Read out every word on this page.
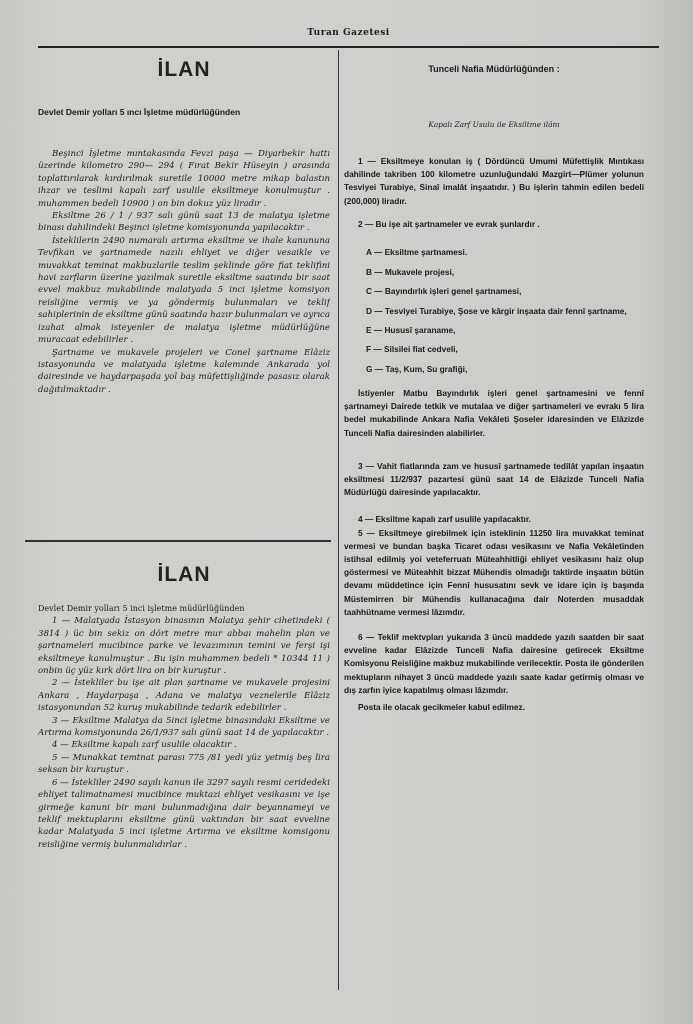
Turan Gazetesi
İLAN
Devlet Demir yolları 5 ıncı İşletme müdürlüğünden

Beşinci İşletme mıntakasında Fevzi paşa — Diyarbekir hattı üzerinde kilometro 290— 294 ( Fırat Bekir Hüseyin ) arasında toplattırılarak kırdırılmak suretile 10000 metre mikap balastın ihzar ve teslimi kapalı zarf usulile eksiltmeye konulmuştur . muhammen bedeli 10900 ) on bin dokuz yüz liradır .

Eksiltme 26 / 1 / 937 salı günü saat 13 de malatya işletme binası dahilindeki Beşinci işletme komisyonunda yapılacaktır .

İsteklilerin 2490 numaralı artırma eksiltme ve ihale kanununa Tevfikan ve şartnamede nazılı ehliyet ve diğer vesaikle ve muvakkat teminat makbuzlarile teslim şeklinde göre fiat teklifini havi zarfların üzerine yazılmak suretile eksiltme saatında bir saat evvel makbuz mukabilinde malatyada 5 inci işletme komsiyon reisliğine vermiş ve ya göndermiş bulunmaları ve teklif sahiplerinin de eksiltme günü saatında hazır bulunmaları ve ayrıca izahat almak isteyenler de malatya işletme müdürlüğüne muracaat edebilirler .

Şartname ve mukavele projeleri ve Conel şartname Elâziz istasyonunda ve malatyada işletme kalemınde Ankarada yol dairesinde ve haydarpaşada yol baş müfettişliğinde pasasız olarak dağıtılmaktadır .

İLAN
Devlet Demir yolları 5 inci işletme müdürlüğünden

1 — Malatyada İstasyon binasının Malatya şehir cihetindeki ( 3814 ) üc bin sekiz on dört metre mur abbaı mahelin plan ve şartnameleri mucibince parke ve levazımının temini ve ferşi işi eksiltmeye kanulmuştur . Bu işin muhammen bedeli * 10344 11 ) onbin üç yüz kırk dört lira on bir kuruştur .

2 — İstekliler bu işe ait plan şartname ve mukavele projesini Ankara , Haydarpaşa , Adana ve malatya veznelerile Elâziz istasyonundan 52 kuruş mukabilinde tedarik edebilirler .

3 — Eksiltme Malatya da 5inci işletme binasındaki Eksiltme ve Artırma komsiyonunda 26/1/937 salı günü saat 14 de yapılacaktır .

4 — Eksiltme kapalı zarf usulile olacaktır .

5 — Munakkat temtnat parası 775 /81 yedi yüz yetmiş beş lira seksan bir kuruştur .

6 — İstekliler 2490 sayılı kanun ile 3297 sayılı resmi ceridedeki ehliyet talimatnamesi mucibince muktazi ehliyet vesikasını ve işe girmeğe kanuni bir mani bulunmadığına dair beyannameyi ve teklif mektuplarını eksiltme günü vaktından bir saat evveline kadar Malatyada 5 inci işletme Artırma ve eksiltme komsigonu reisliğine vermiş bulunmalıdırlar .

Tunceli Nafia Müdürlüğünden :
Kapalı Zarf Usulu ile Eksiltme ilânı

1 — Eksiltmeye konulan iş ( Dördüncü Umumi Müfettişlik Mıntıkası dahilinde takriben 100 kilometre uzunluğundaki Mazgirt—Plümer yolunun Tesviyei Turabiye, Sinaî imalât inşaatıdır. ) Bu işlerin tahmin edilen bedeli (200,000) liradır.

2 — Bu işe ait şartnameler ve evrak şunlardır .

A — Eksiltme şartnamesi.
B — Mukavele projesi,
C — Bayındırlık işleri genel şartnamesi,
D — Tesviyei Turabiye, Şose ve kârgir inşaata dair fennî şartname,
E — Hususî şaraname,
F — Silsilei fiat cedveli,
G — Taş, Kum, Su grafiği,

İstiyenler Matbu Bayındırlık işleri genel şartnamesini ve fennî şartnameyi Dairede tetkik ve mutalaa ve diğer şartnameleri ve evrakı 5 lira bedel mukabilinde Ankara Nafia Vekâleti Şoseler idaresinden ve Elâzizde Tunceli Nafia dairesinden alabilirler.

3 — Vahit fiatlarında zam ve hususî şartnamede tedilât yapılan inşaatın eksiltmesi 11/2/937 pazartesi günü saat 14 de Elâzizde Tunceli Nafia Müdürlüğü dairesinde yapılacaktır.

4 — Eksiltme kapalı zarf usulile yapılacaktır.

5 — Eksiltmeye girebilmek için isteklinin 11250 lira muvakkat teminat vermesi ve bundan başka Ticaret odası vesikasını ve Nafia Vekâletinden istihsal edilmiş yoi veteferruatı Müteahhitliği ehliyet vesikasını haiz olup göstermesi ve Müteahhit bizzat Mühendis olmadığı taktirde inşaatın bütün devamı müddetince için Fennî hususatını sevk ve idare için iş başında Müstemirren bir Mühendis kullanacağına dair Noterden musaddak taahhütname vermesi lâzımdır.

6 — Teklif mektvpları yukarıda 3 üncü maddede yazılı saatden bir saat evveline kadar Elâzizde Tunceli Nafia dairesine getirecek Eksiltme Komisyonu Reisliğine makbuz mukabilinde verilecektir. Posta ile gönderilen mektupların nihayet 3 üncü maddede yazılı saate kadar getirmiş olması ve dış zarfın iyice kapatılmış olması lâzımdır.

Posta ile olacak gecikmeler kabul edilmez.
